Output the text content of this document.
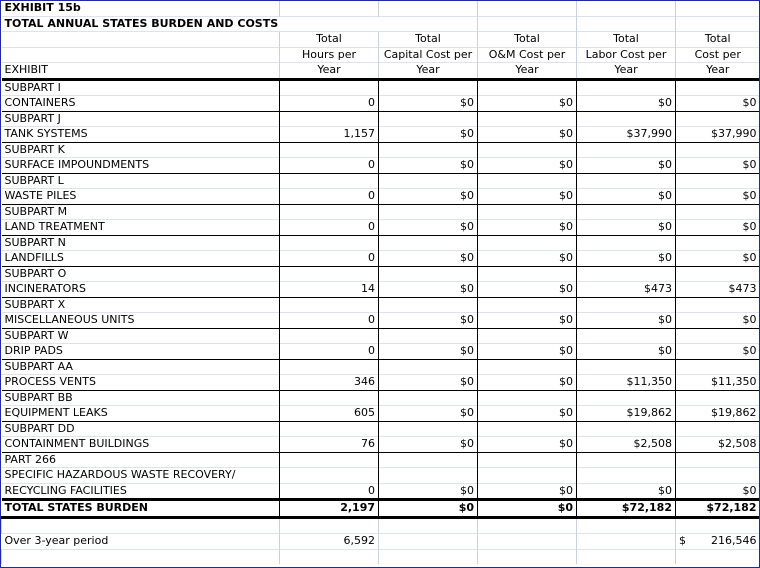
EXHIBIT 15b					
TOTAL ANNUAL STATES BURDEN AND COSTS					
	Total	Total	Total	Total	Total
	Hours per	Capital Cost per	O&M Cost per	Labor Cost per	Cost per
EXHIBIT	Year	Year	Year	Year	Year
SUBPART I					
CONTAINERS	0	$0	$0	$0	$0
SUBPART J					
TANK SYSTEMS	1,157	$0	$0	$37,990	$37,990
SUBPART K					
SURFACE IMPOUNDMENTS	0	$0	$0	$0	$0
SUBPART L					
WASTE PILES	0	$0	$0	$0	$0
SUBPART M					
LAND TREATMENT	0	$0	$0	$0	$0
SUBPART N					
LANDFILLS	0	$0	$0	$0	$0
SUBPART O					
INCINERATORS	14	$0	$0	$473	$473
SUBPART X					
MISCELLANEOUS UNITS	0	$0	$0	$0	$0
SUBPART W					
DRIP PADS	0	$0	$0	$0	$0
SUBPART AA					
PROCESS VENTS	346	$0	$0	$11,350	$11,350
SUBPART BB					
EQUIPMENT LEAKS	605	$0	$0	$19,862	$19,862
SUBPART DD					
CONTAINMENT BUILDINGS	76	$0	$0	$2,508	$2,508
PART 266					
SPECIFIC HAZARDOUS WASTE RECOVERY/					
RECYCLING FACILITIES	0	$0	$0	$0	$0
TOTAL STATES BURDEN	2,197	$0	$0	$72,182	$72,182

Over 3-year period	6,592				$ 216,546
